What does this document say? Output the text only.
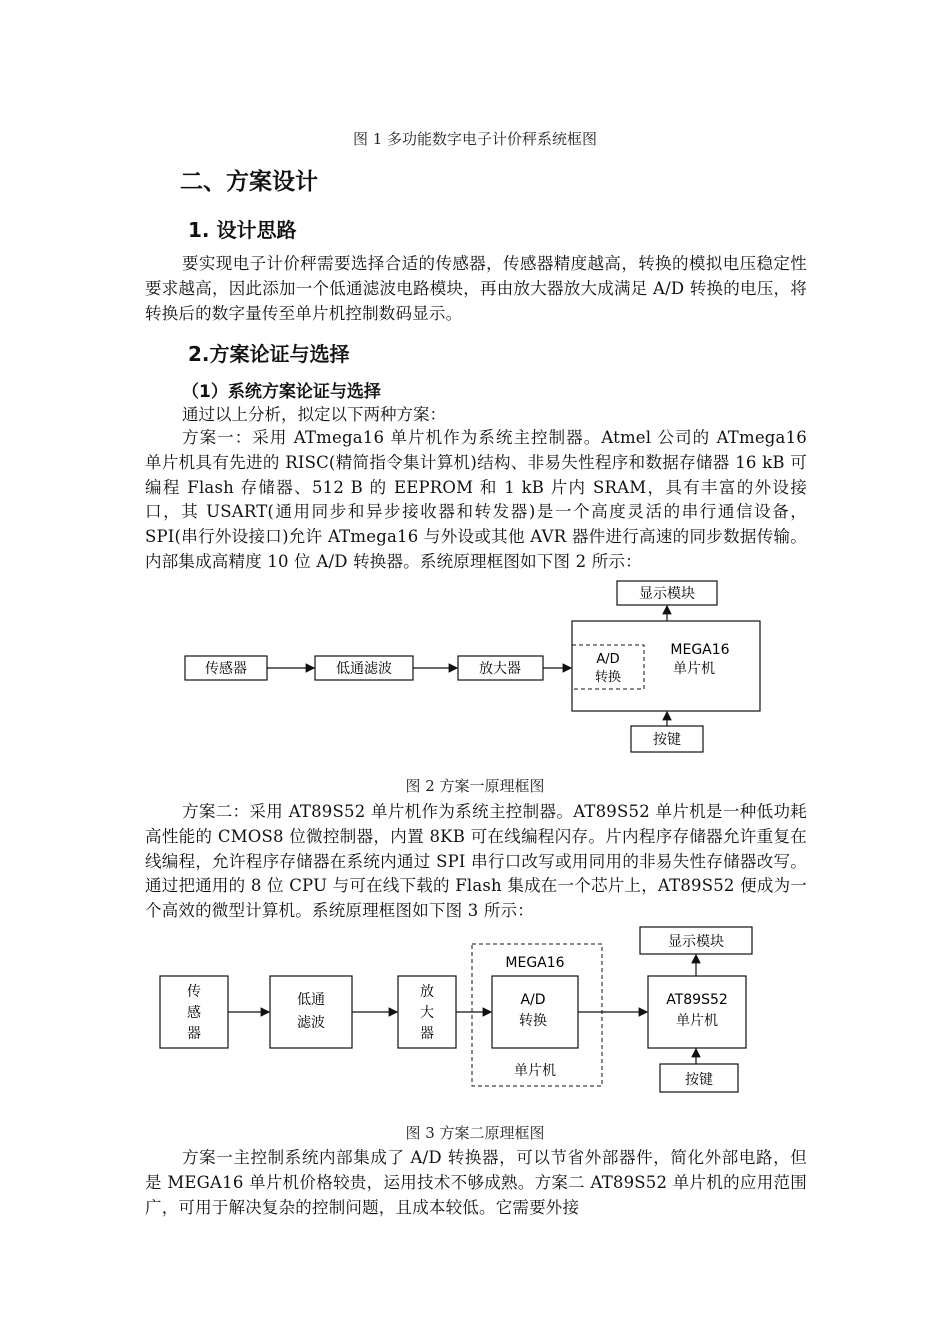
图 1 多功能数字电子计价秤系统框图
二、方案设计
1. 设计思路
要实现电子计价秤需要选择合适的传感器，传感器精度越高，转换的模拟电压稳定性要求越高，因此添加一个低通滤波电路模块，再由放大器放大成满足 A/D 转换的电压，将转换后的数字量传至单片机控制数码显示。
2.方案论证与选择
（1）系统方案论证与选择
通过以上分析，拟定以下两种方案：
方案一：采用 ATmega16 单片机作为系统主控制器。Atmel 公司的 ATmega16 单片机具有先进的 RISC(精简指令集计算机)结构、非易失性程序和数据存储器 16 kB 可编程 Flash 存储器、512 B 的 EEPROM 和 1 kB 片内 SRAM，具有丰富的外设接口，其 USART(通用同步和异步接收器和转发器)是一个高度灵活的串行通信设备，SPI(串行外设接口)允许 ATmega16 与外设或其他 AVR 器件进行高速的同步数据传输。内部集成高精度 10 位 A/D 转换器。系统原理框图如下图 2 所示：
显示模块
MEGA16
单片机
A/D
转换
传感器	低通滤波	放大器
按键
图 2 方案一原理框图
方案二：采用 AT89S52 单片机作为系统主控制器。AT89S52 单片机是一种低功耗高性能的 CMOS8 位微控制器，内置 8KB 可在线编程闪存。片内程序存储器允许重复在线编程，允许程序存储器在系统内通过 SPI 串行口改写或用同用的非易失性存储器改写。通过把通用的 8 位 CPU 与可在线下载的 Flash 集成在一个芯片上，AT89S52 便成为一个高效的微型计算机。系统原理框图如下图 3 所示：
传
感
器
低通
滤波
放
大
器
MEGA16
A/D
转换
单片机
AT89S52
单片机
显示模块
按键
图 3 方案二原理框图
方案一主控制系统内部集成了 A/D 转换器，可以节省外部器件，简化外部电路，但是 MEGA16 单片机价格较贵，运用技术不够成熟。方案二 AT89S52 单片机的应用范围广，可用于解决复杂的控制问题，且成本较低。它需要外接
